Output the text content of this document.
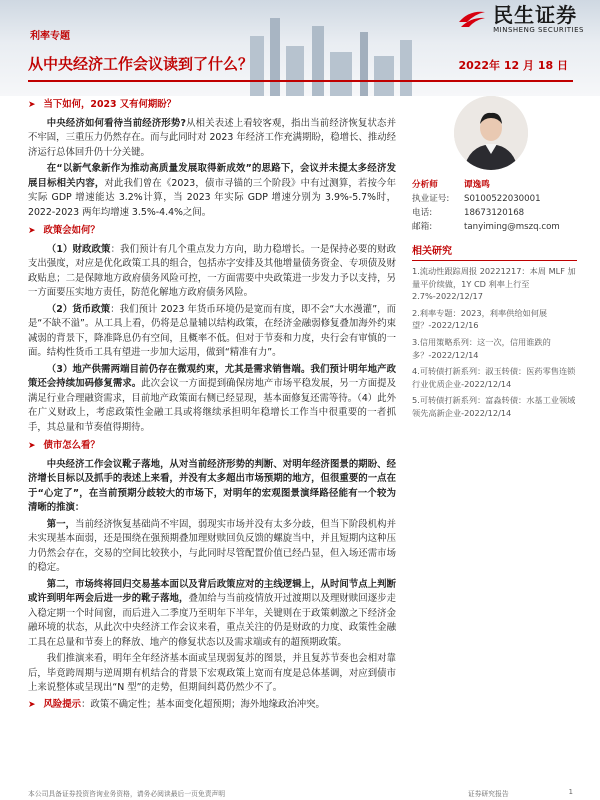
利率专题
民生证券
MINSHENG SECURITIES
从中央经济工作会议读到了什么？	2022年 12 月 18 日
➤ 当下如何，2023 又有何期盼？
中央经济如何看待当前经济形势?从相关表述上看较客观，指出当前经济恢复状态并不牢固，三重压力仍然存在。而与此同时对 2023 年经济工作充满期盼，稳增长、推动经济运行总体回升仍十分关键。
在“以新气象新作为推动高质量发展取得新成效”的思路下，会议并未提太多经济发展目标相关内容，对此我们曾在《2023，债市寻锚的三个阶段》中有过测算，若按今年实际 GDP 增速能达 3.2%计算，当 2023 年实际 GDP 增速分别为 3.9%-5.7%时，2022-2023 两年均增速 3.5%-4.4%之间。
➤ 政策会如何？
（1）财政政策：我们预计有几个重点发力方向，助力稳增长。一是保持必要的财政支出强度，对应是优化政策工具的组合，包括赤字安排及其他增量债务资金、专项债及财政贴息；二是保障地方政府债务风险可控，一方面需要中央政策进一步发力予以支持，另一方面要压实地方责任，防范化解地方政府债务风险。
（2）货币政策：我们预计 2023 年货币环境仍是宽而有度，即不会“大水漫灌”，而是“不缺不溢”。从工具上看，仍将是总量辅以结构政策，在经济金融弱修复叠加海外约束减弱的背景下，降准降息仍有空间，且概率不低。但对于节奏和力度，央行会有审慎的一面。结构性货币工具有望进一步加大运用，做到“精准有力”。
（3）地产供需两端目前仍存在微观约束，尤其是需求销售端。我们预计明年地产政策还会持续加码修复需求。此次会议一方面提到确保房地产市场平稳发展，另一方面提及满足行业合理融资需求，目前地产政策面右侧已经显现，基本面修复还需等待。（4）此外在广义财政上，考虑政策性金融工具或将继续承担明年稳增长工作当中很重要的一者抓手，其总量和节奏值得期待。
➤ 债市怎么看？
中央经济工作会议靴子落地，从对当前经济形势的判断、对明年经济图景的期盼、经济增长目标以及抓手的表述上来看，并没有太多超出市场预期的地方，但很重要的一点在于“心定了”，在当前预期分歧较大的市场下，对明年的宏观图景演绎路径能有一个较为清晰的推演：
第一，当前经济恢复基础尚不牢固，弱现实市场并没有太多分歧，但当下阶段机构并未实现基本面弱，还是围绕在强预期叠加理财赎回负反馈的螺旋当中，并且短期内这种压力仍然会存在，交易的空间比较狭小，与此同时尽管配置价值已经凸显，但入场还需市场的稳定。
第二，市场终将回归交易基本面以及背后政策应对的主线逻辑上，从时间节点上判断或许到明年两会后进一步的靴子落地，叠加给与当前疫情放开过渡期以及理财赎回逐步走入稳定期一个时间窗，而后进入二季度乃至明年下半年，关键则在于政策刺激之下经济金融环境的状态，从此次中央经济工作会议来看，重点关注的仍是财政的力度、政策性金融工具在总量和节奏上的释放、地产的修复状态以及需求端或有的超预期政策。
我们推演来看，明年全年经济基本面或呈现弱复苏的图景，并且复苏节奏也会相对靠后，毕竟跨周期与逆周期有机结合的背景下宏观政策上宽而有度是总体基调，对应到债市上来说整体或呈现出“N 型”的走势，但期间纠葛仍然少不了。
➤ 风险提示 ：政策不确定性；基本面变化超预期；海外地缘政治冲突。
分析师	谭逸鸣
执业证号:	S0100522030001
电话:	18673120168
邮箱:	tanyiming@mszq.com
相关研究
1.流动性跟踪周报 20221217：本周 MLF 加量平价续做，1Y CD 利率上行至 2.7%-2022/12/17
2.利率专题：2023，利率供给如何展望？-2022/12/16
3.信用策略系列：这一次，信用谁跌的多？-2022/12/14
4.可转债打新系列：淑玉转债：医药零售连锁行业优质企业-2022/12/14
5.可转债打新系列：富淼转债：水基工业领域领先高新企业-2022/12/14
本公司具备证券投资咨询业务资格，请务必阅读最后一页免责声明	证券研究报告	1
